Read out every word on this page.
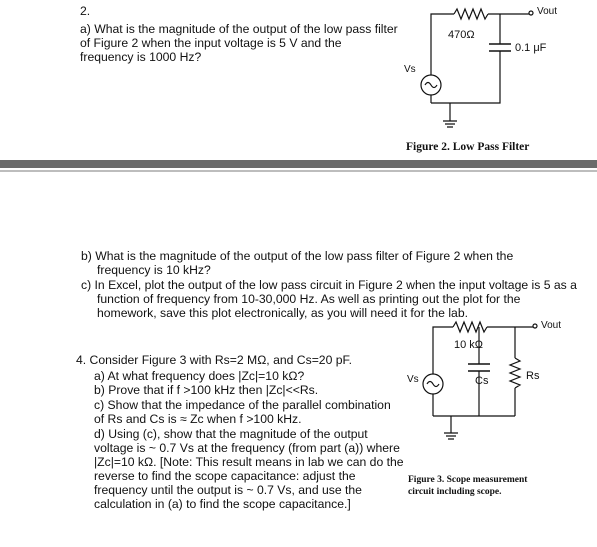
2.
a) What is the magnitude of the output of the low pass filter of Figure 2 when the input voltage is 5 V and the frequency is 1000 Hz?
Vout
470Ω
0.1 μF
Vs
Figure 2. Low Pass Filter
b) What is the magnitude of the output of the low pass filter of Figure 2 when the frequency is 10 kHz?
c) In Excel, plot the output of the low pass circuit in Figure 2 when the input voltage is 5 as a function of frequency from 10-30,000 Hz. As well as printing out the plot for the homework, save this plot electronically, as you will need it for the lab.
4. Consider Figure 3 with Rs=2 MΩ, and Cs=20 pF.
a) At what frequency does |Zc|=10 kΩ?
b) Prove that if f >100 kHz then |Zc|<<Rs.
c) Show that the impedance of the parallel combination of Rs and Cs is ≈ Zc when f >100 kHz.
d) Using (c), show that the magnitude of the output voltage is ~ 0.7 Vs at the frequency (from part (a)) where |Zc|=10 kΩ. [Note: This result means in lab we can do the reverse to find the scope capacitance: adjust the frequency until the output is ~ 0.7 Vs, and use the calculation in (a) to find the scope capacitance.]
Vout
10 kΩ
Cs	Rs
Vs
Figure 3. Scope measurement
circuit including scope.
